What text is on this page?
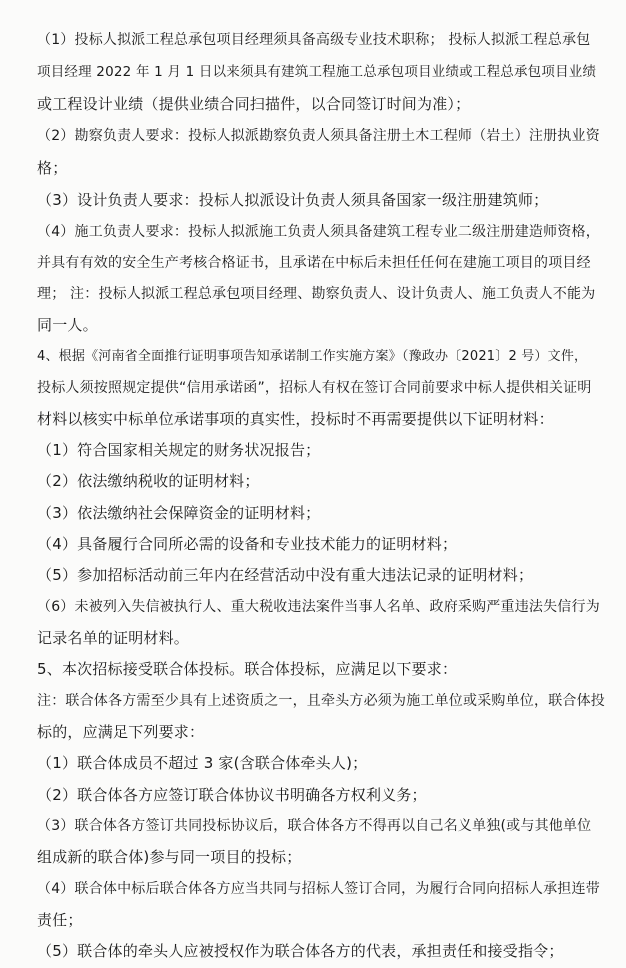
（1）投标人拟派工程总承包项目经理须具备高级专业技术职称； 投标人拟派工程总承包
项目经理 2022 年 1 月 1 日以来须具有建筑工程施工总承包项目业绩或工程总承包项目业绩
或工程设计业绩（提供业绩合同扫描件，以合同签订时间为准）；
（2）勘察负责人要求：投标人拟派勘察负责人须具备注册土木工程师（岩土）注册执业资
格；
（3）设计负责人要求：投标人拟派设计负责人须具备国家一级注册建筑师；
（4）施工负责人要求：投标人拟派施工负责人须具备建筑工程专业二级注册建造师资格，
并具有有效的安全生产考核合格证书，且承诺在中标后未担任任何在建施工项目的项目经
理； 注：投标人拟派工程总承包项目经理、勘察负责人、设计负责人、施工负责人不能为
同一人。
4、根据《河南省全面推行证明事项告知承诺制工作实施方案》（豫政办〔2021〕2 号）文件，
投标人须按照规定提供“信用承诺函”，招标人有权在签订合同前要求中标人提供相关证明
材料以核实中标单位承诺事项的真实性，投标时不再需要提供以下证明材料：
（1）符合国家相关规定的财务状况报告；
（2）依法缴纳税收的证明材料；
（3）依法缴纳社会保障资金的证明材料；
（4）具备履行合同所必需的设备和专业技术能力的证明材料；
（5）参加招标活动前三年内在经营活动中没有重大违法记录的证明材料；
（6）未被列入失信被执行人、重大税收违法案件当事人名单、政府采购严重违法失信行为
记录名单的证明材料。
5、本次招标接受联合体投标。联合体投标，应满足以下要求：
注：联合体各方需至少具有上述资质之一，且牵头方必须为施工单位或采购单位，联合体投
标的，应满足下列要求：
（1）联合体成员不超过 3 家(含联合体牵头人)；
（2）联合体各方应签订联合体协议书明确各方权利义务；
（3）联合体各方签订共同投标协议后，联合体各方不得再以自己名义单独(或与其他单位
组成新的联合体)参与同一项目的投标；
（4）联合体中标后联合体各方应当共同与招标人签订合同，为履行合同向招标人承担连带
责任；
（5）联合体的牵头人应被授权作为联合体各方的代表，承担责任和接受指令；
